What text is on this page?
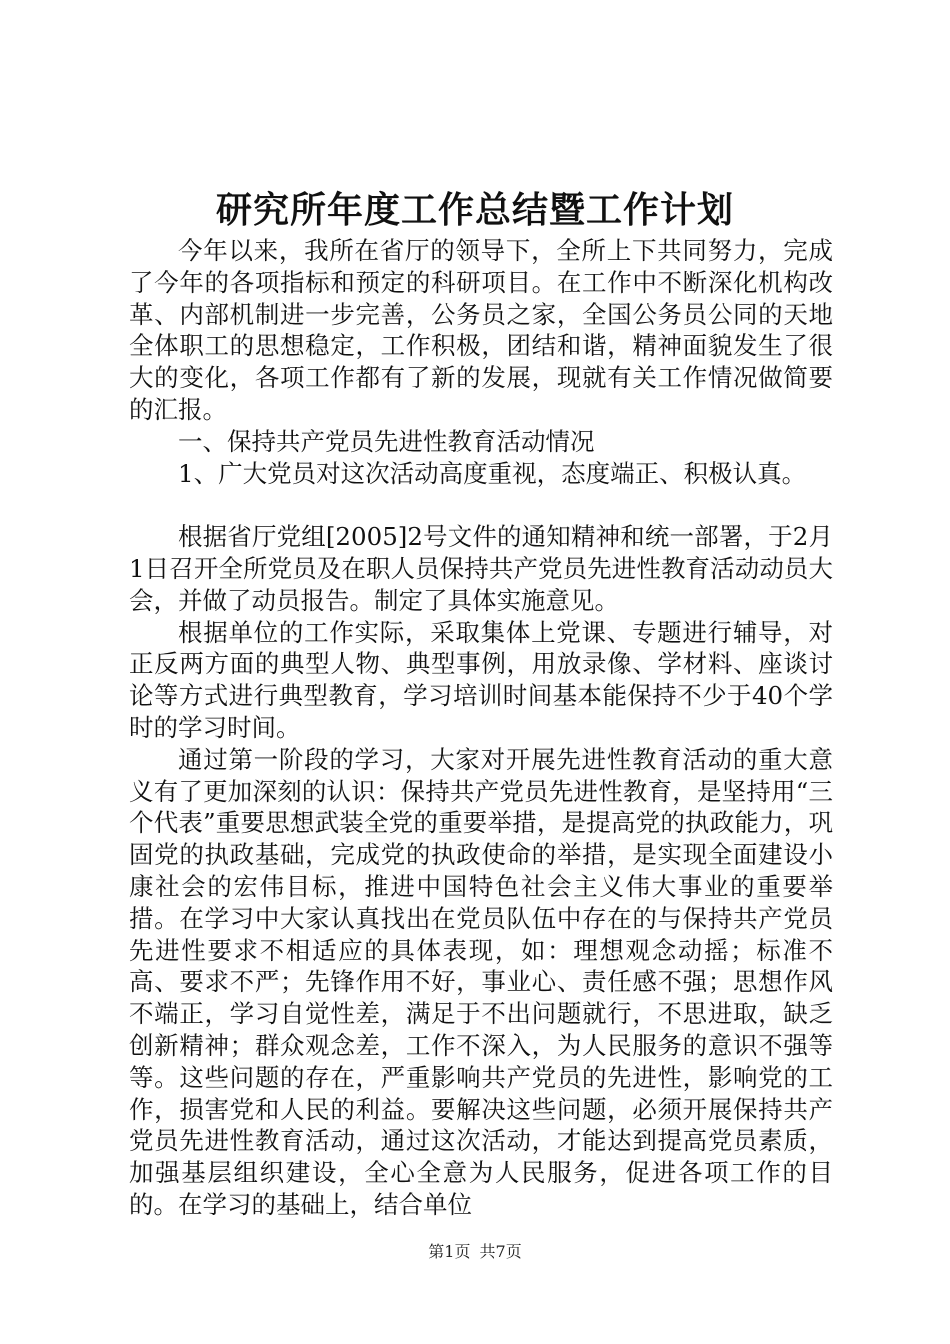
研究所年度工作总结暨工作计划

今年以来，我所在省厅的领导下，全所上下共同努力，完成了今年的各项指标和预定的科研项目。在工作中不断深化机构改革、内部机制进一步完善，公务员之家，全国公务员公同的天地全体职工的思想稳定，工作积极，团结和谐，精神面貌发生了很大的变化，各项工作都有了新的发展，现就有关工作情况做简要的汇报。

一、保持共产党员先进性教育活动情况

1、广大党员对这次活动高度重视，态度端正、积极认真。

根据省厅党组[2005]2号文件的通知精神和统一部署，于2月1日召开全所党员及在职人员保持共产党员先进性教育活动动员大会，并做了动员报告。制定了具体实施意见。

根据单位的工作实际，采取集体上党课、专题进行辅导，对正反两方面的典型人物、典型事例，用放录像、学材料、座谈讨论等方式进行典型教育，学习培训时间基本能保持不少于40个学时的学习时间。

通过第一阶段的学习，大家对开展先进性教育活动的重大意义有了更加深刻的认识：保持共产党员先进性教育，是坚持用“三个代表”重要思想武装全党的重要举措，是提高党的执政能力，巩固党的执政基础，完成党的执政使命的举措，是实现全面建设小康社会的宏伟目标，推进中国特色社会主义伟大事业的重要举措。在学习中大家认真找出在党员队伍中存在的与保持共产党员先进性要求不相适应的具体表现，如：理想观念动摇；标准不高、要求不严；先锋作用不好，事业心、责任感不强；思想作风不端正，学习自觉性差，满足于不出问题就行，不思进取，缺乏创新精神；群众观念差，工作不深入，为人民服务的意识不强等等。这些问题的存在，严重影响共产党员的先进性，影响党的工作，损害党和人民的利益。要解决这些问题，必须开展保持共产党员先进性教育活动，通过这次活动，才能达到提高党员素质，加强基层组织建设，全心全意为人民服务，促进各项工作的目的。在学习的基础上，结合单位

第1页 共7页
